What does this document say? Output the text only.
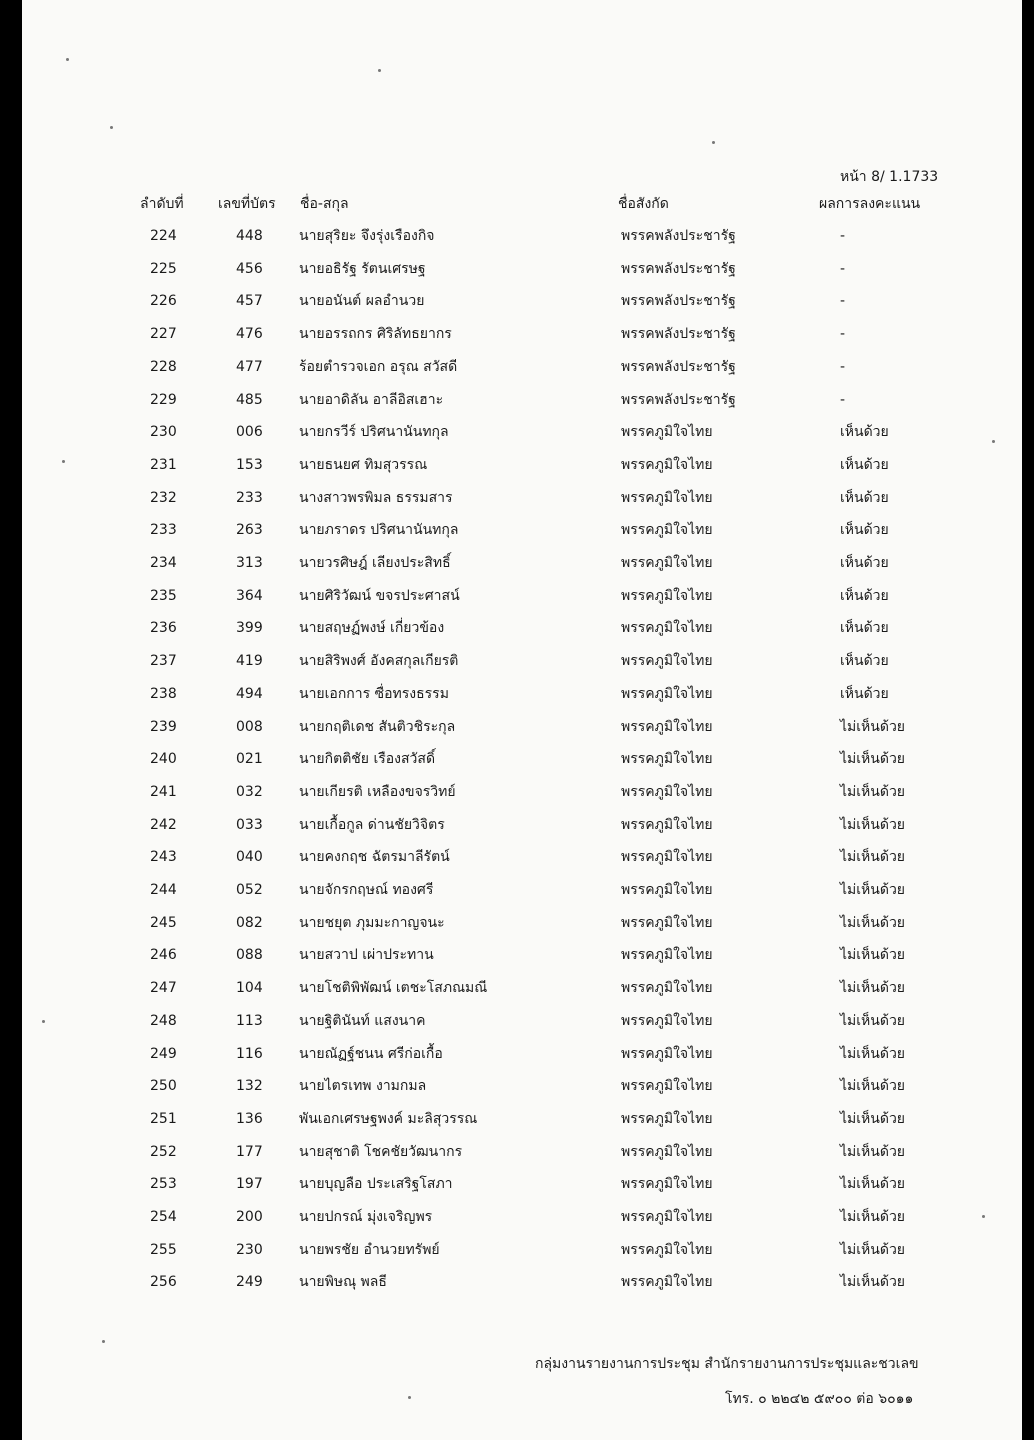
หน้า 8/ 1.1733
ลำดับที่ เลขที่บัตร ชื่อ-สกุล	ชื่อสังกัด	ผลการลงคะแนน
224	448	นายสุริยะ จึงรุ่งเรืองกิจ	พรรคพลังประชารัฐ	-
225	456	นายอธิรัฐ รัตนเศรษฐ	พรรคพลังประชารัฐ	-
226	457	นายอนันต์ ผลอำนวย	พรรคพลังประชารัฐ	-
227	476	นายอรรถกร ศิริลัทธยากร	พรรคพลังประชารัฐ	-
228	477	ร้อยตำรวจเอก อรุณ สวัสดี	พรรคพลังประชารัฐ	-
229	485	นายอาดิลัน อาลีอิสเฮาะ	พรรคพลังประชารัฐ	-
230	006	นายกรวีร์ ปริศนานันทกุล	พรรคภูมิใจไทย	เห็นด้วย
231	153	นายธนยศ ทิมสุวรรณ	พรรคภูมิใจไทย	เห็นด้วย
232	233	นางสาวพรพิมล ธรรมสาร	พรรคภูมิใจไทย	เห็นด้วย
233	263	นายภราดร ปริศนานันทกุล	พรรคภูมิใจไทย	เห็นด้วย
234	313	นายวรศิษฎ์ เลียงประสิทธิ์	พรรคภูมิใจไทย	เห็นด้วย
235	364	นายศิริวัฒน์ ขจรประศาสน์	พรรคภูมิใจไทย	เห็นด้วย
236	399	นายสฤษฏ์พงษ์ เกี่ยวข้อง	พรรคภูมิใจไทย	เห็นด้วย
237	419	นายสิริพงศ์ อังคสกุลเกียรติ	พรรคภูมิใจไทย	เห็นด้วย
238	494	นายเอกการ ซื่อทรงธรรม	พรรคภูมิใจไทย	เห็นด้วย
239	008	นายกฤติเดช สันติวชิระกุล	พรรคภูมิใจไทย	ไม่เห็นด้วย
240	021	นายกิตติชัย เรืองสวัสดิ์	พรรคภูมิใจไทย	ไม่เห็นด้วย
241	032	นายเกียรติ เหลืองขจรวิทย์	พรรคภูมิใจไทย	ไม่เห็นด้วย
242	033	นายเกื้อกูล ด่านชัยวิจิตร	พรรคภูมิใจไทย	ไม่เห็นด้วย
243	040	นายคงกฤช ฉัตรมาลีรัตน์	พรรคภูมิใจไทย	ไม่เห็นด้วย
244	052	นายจักรกฤษณ์ ทองศรี	พรรคภูมิใจไทย	ไม่เห็นด้วย
245	082	นายชยุต ภุมมะกาญจนะ	พรรคภูมิใจไทย	ไม่เห็นด้วย
246	088	นายสวาป เผ่าประทาน	พรรคภูมิใจไทย	ไม่เห็นด้วย
247	104	นายโชติพิพัฒน์ เตชะโสภณมณี	พรรคภูมิใจไทย	ไม่เห็นด้วย
248	113	นายฐิตินันท์ แสงนาค	พรรคภูมิใจไทย	ไม่เห็นด้วย
249	116	นายณัฏฐ์ชนน ศรีก่อเกื้อ	พรรคภูมิใจไทย	ไม่เห็นด้วย
250	132	นายไตรเทพ งามกมล	พรรคภูมิใจไทย	ไม่เห็นด้วย
251	136	พันเอกเศรษฐพงค์ มะลิสุวรรณ	พรรคภูมิใจไทย	ไม่เห็นด้วย
252	177	นายสุชาติ โชคชัยวัฒนากร	พรรคภูมิใจไทย	ไม่เห็นด้วย
253	197	นายบุญลือ ประเสริฐโสภา	พรรคภูมิใจไทย	ไม่เห็นด้วย
254	200	นายปกรณ์ มุ่งเจริญพร	พรรคภูมิใจไทย	ไม่เห็นด้วย
255	230	นายพรชัย อำนวยทรัพย์	พรรคภูมิใจไทย	ไม่เห็นด้วย
256	249	นายพิษณุ พลธี	พรรคภูมิใจไทย	ไม่เห็นด้วย
กลุ่มงานรายงานการประชุม สำนักรายงานการประชุมและชวเลข
โทร. ๐ ๒๒๔๒ ๕๙๐๐ ต่อ ๖๐๑๑
